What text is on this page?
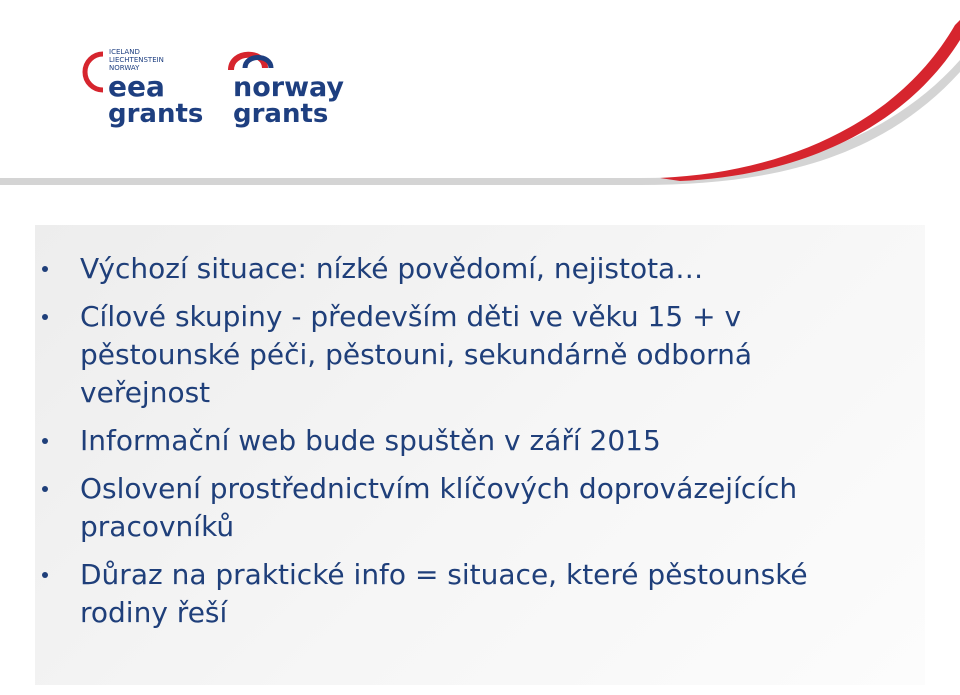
ICELAND
LIECHTENSTEIN
NORWAY
eea
grants
norway
grants
Výchozí situace: nízké povědomí, nejistota…
Cílové skupiny - především děti ve věku 15 + v pěstounské péči, pěstouni, sekundárně odborná veřejnost
Informační web bude spuštěn v září 2015
Oslovení prostřednictvím klíčových doprovázejících pracovníků
Důraz na praktické info = situace, které pěstounské rodiny řeší
